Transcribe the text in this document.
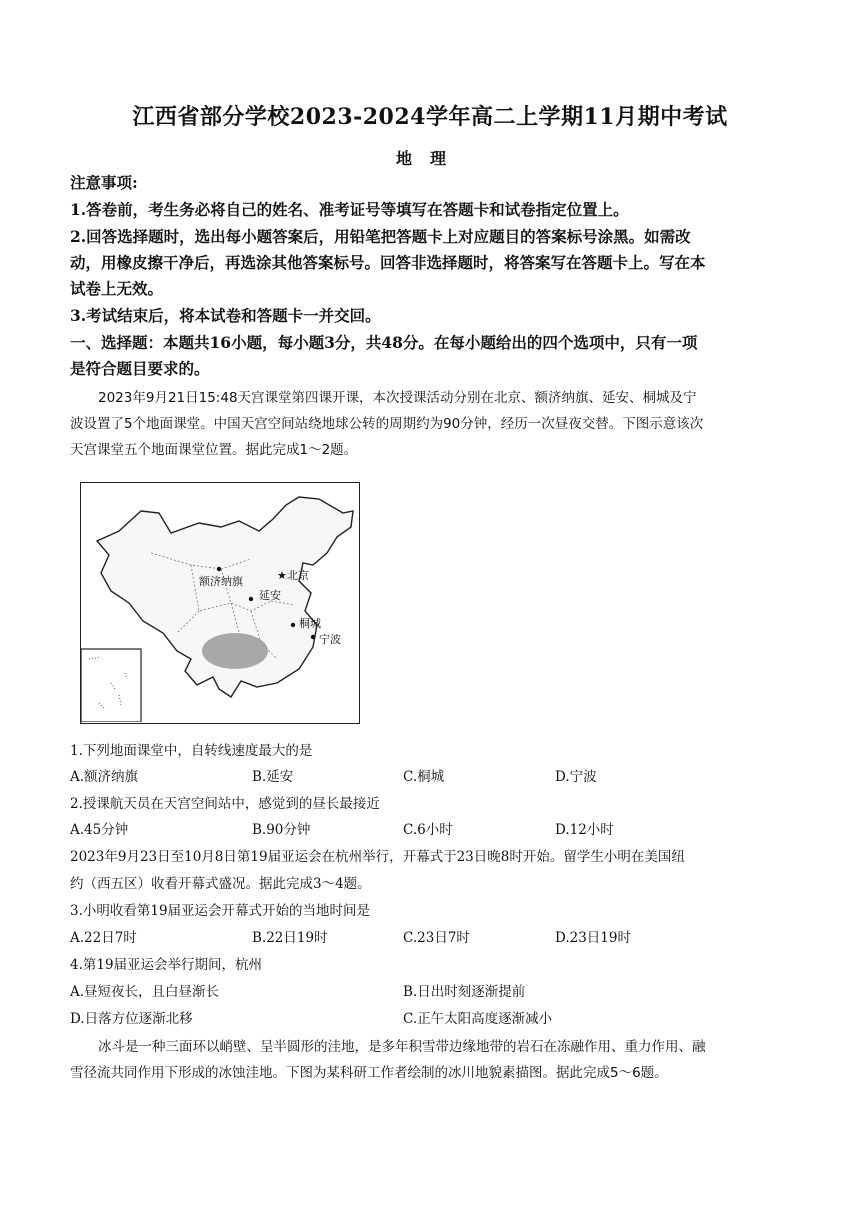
江西省部分学校2023-2024学年高二上学期11月期中考试
地理
注意事项:
1.答卷前，考生务必将自己的姓名、准考证号等填写在答题卡和试卷指定位置上。
2.回答选择题时，选出每小题答案后，用铅笔把答题卡上对应题目的答案标号涂黑。如需改
动，用橡皮擦干净后，再选涂其他答案标号。回答非选择题时，将答案写在答题卡上。写在本
试卷上无效。
3.考试结束后，将本试卷和答题卡一并交回。
一、选择题：本题共16小题，每小题3分，共48分。在每小题给出的四个选项中，只有一项
是符合题目要求的。
2023年9月21日15:48天宫课堂第四课开课，本次授课活动分别在北京、额济纳旗、延安、桐城及宁
波设置了5个地面课堂。中国天宫空间站绕地球公转的周期约为90分钟，经历一次昼夜交替。下图示意该次
天宫课堂五个地面课堂位置。据此完成1～2题。
额济纳旗	★ 北京
延安
桐城
宁波
1.下列地面课堂中，自转线速度最大的是
A.额济纳旗	B.延安	C.桐城	D.宁波
2.授课航天员在天宫空间站中，感觉到的昼长最接近
A.45分钟	B.90分钟	C.6小时	D.12小时
2023年9月23日至10月8日第19届亚运会在杭州举行，开幕式于23日晚8时开始。留学生小明在美国纽
约（西五区）收看开幕式盛况。据此完成3～4题。
3.小明收看第19届亚运会开幕式开始的当地时间是
A.22日7时	B.22日19时	C.23日7时	D.23日19时
4.第19届亚运会举行期间，杭州
A.昼短夜长，且白昼渐长	B.日出时刻逐渐提前
D.日落方位逐渐北移	C.正午太阳高度逐渐减小
冰斗是一种三面环以峭壁、呈半圆形的洼地，是多年积雪带边缘地带的岩石在冻融作用、重力作用、融
雪径流共同作用下形成的冰蚀洼地。下图为某科研工作者绘制的冰川地貌素描图。据此完成5～6题。
